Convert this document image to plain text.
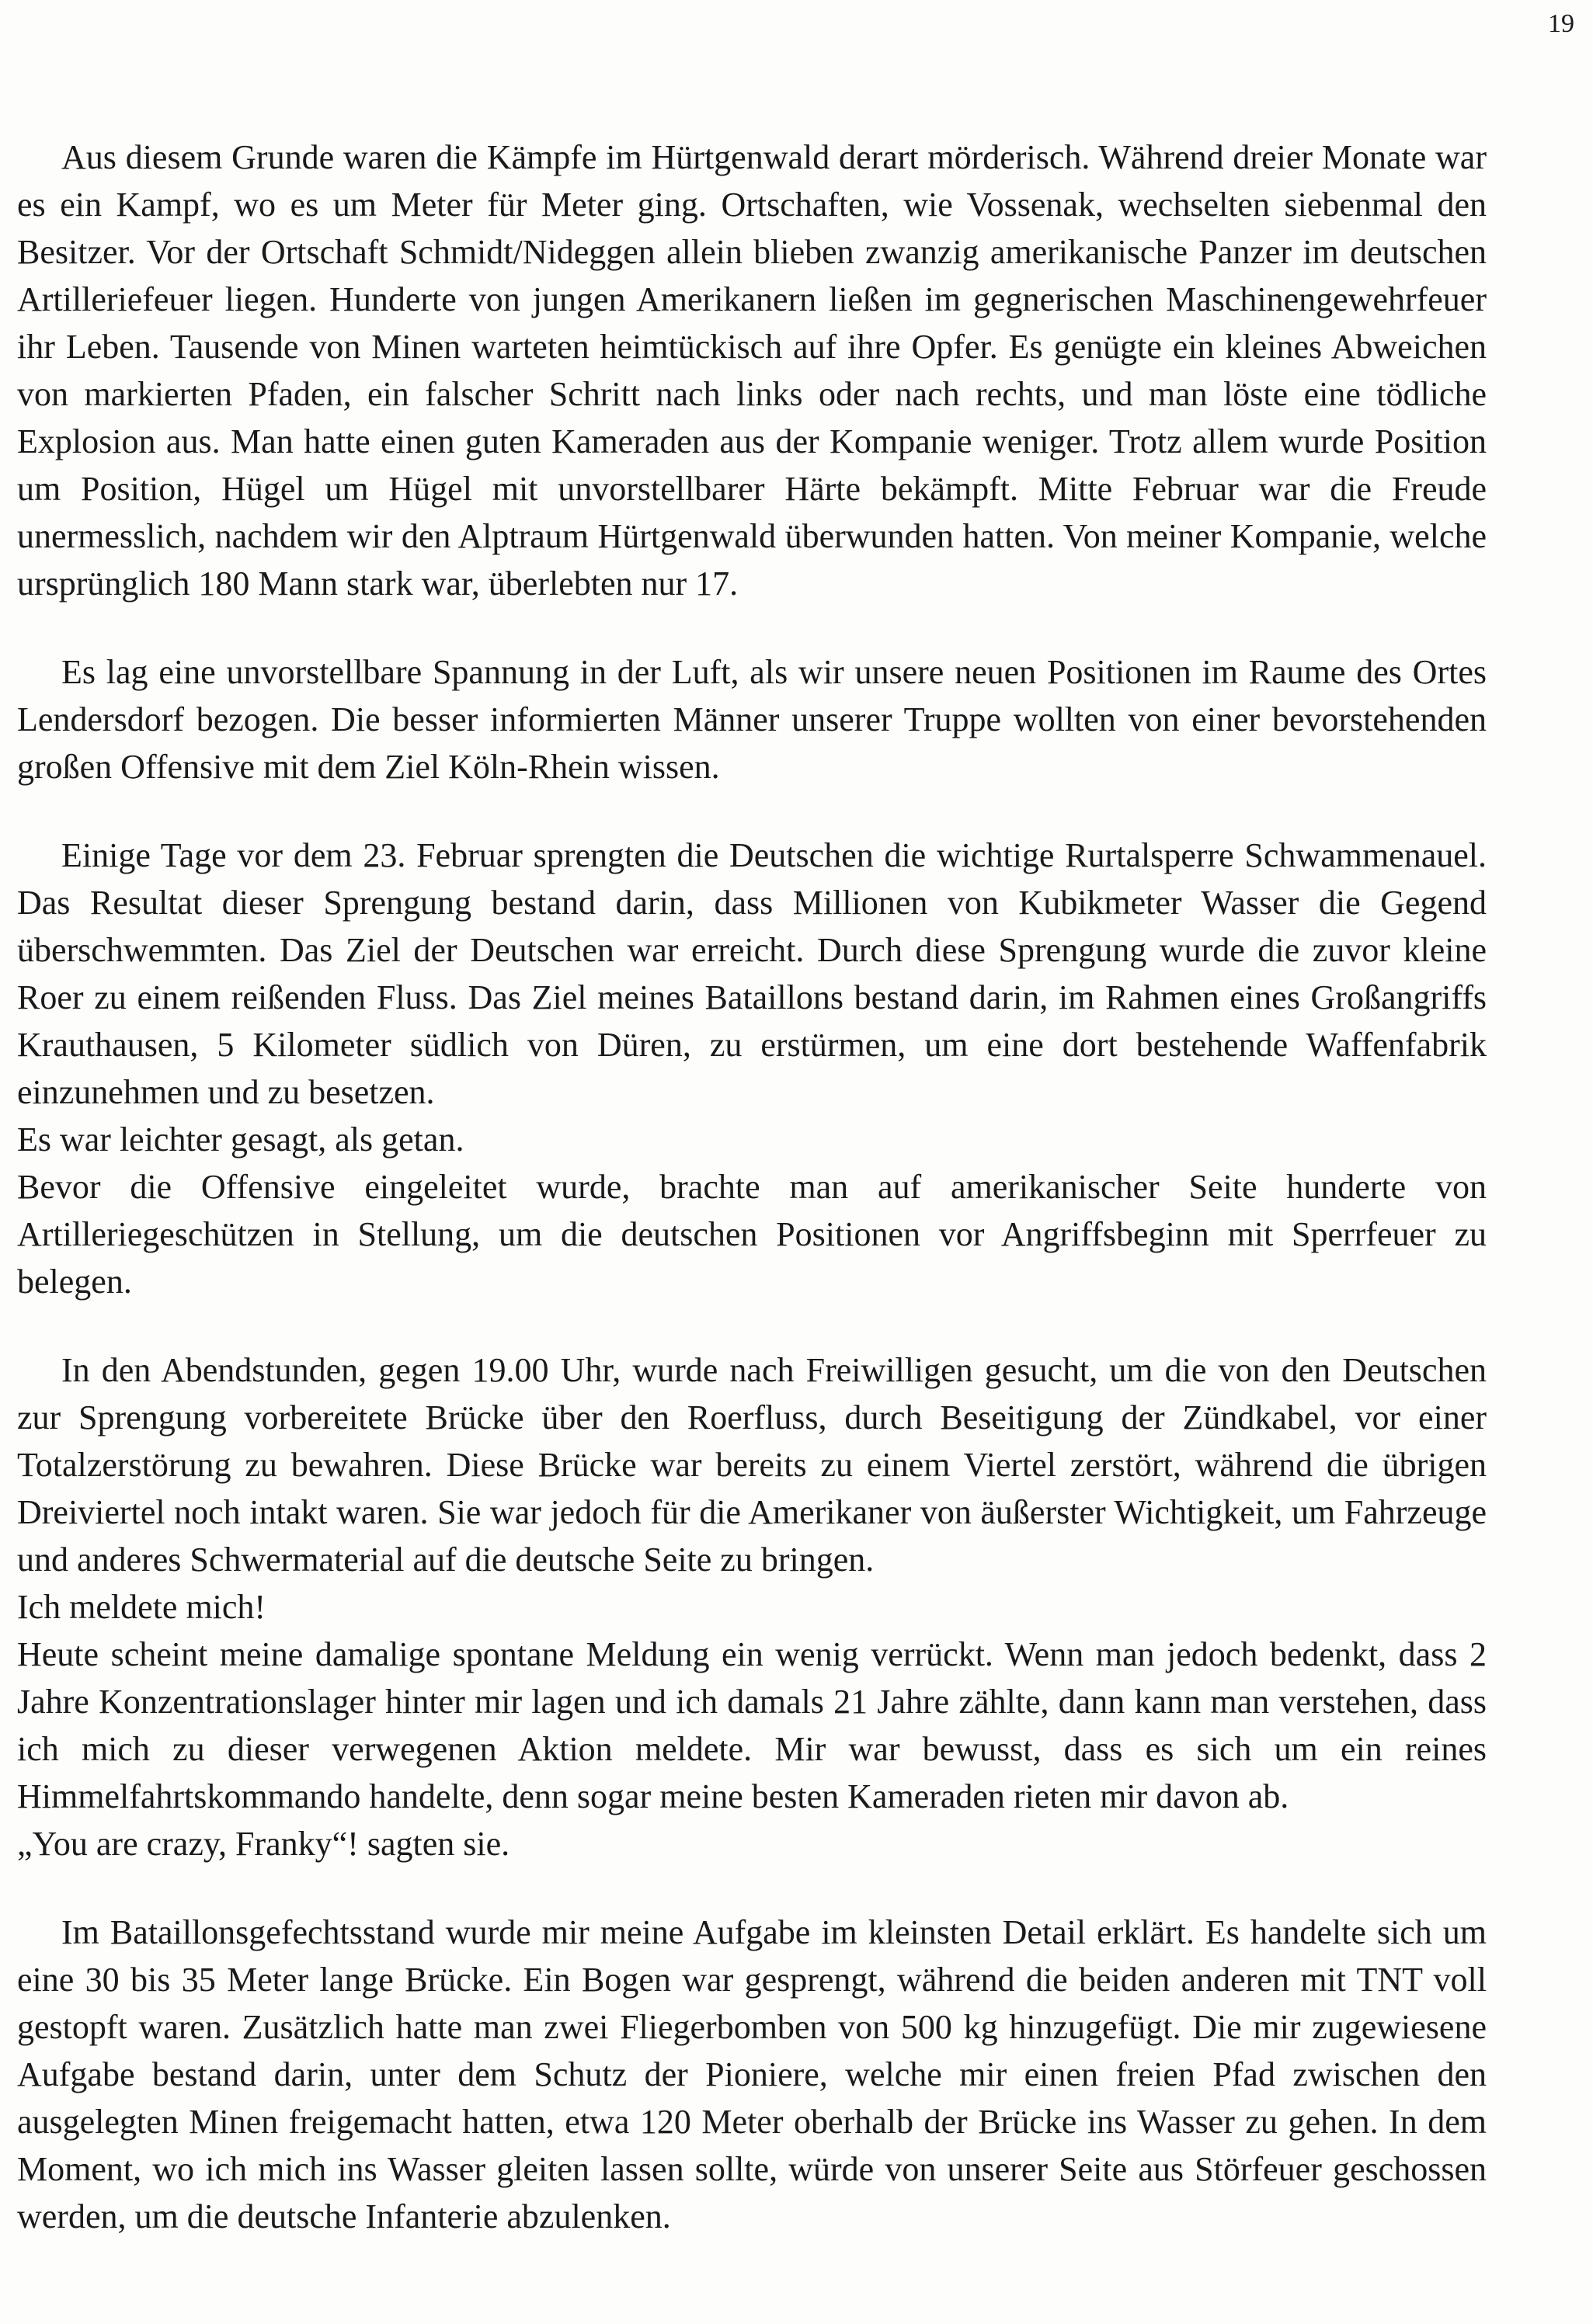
19

Aus diesem Grunde waren die Kämpfe im Hürtgenwald derart mörderisch. Während dreier Monate war es ein Kampf, wo es um Meter für Meter ging. Ortschaften, wie Vossenak, wechselten siebenmal den Besitzer. Vor der Ortschaft Schmidt/Nideggen allein blieben zwanzig amerikanische Panzer im deutschen Artilleriefeuer liegen. Hunderte von jungen Amerikanern ließen im gegnerischen Maschinengewehrfeuer ihr Leben. Tausende von Minen warteten heimtückisch auf ihre Opfer. Es genügte ein kleines Abweichen von markierten Pfaden, ein falscher Schritt nach links oder nach rechts, und man löste eine tödliche Explosion aus. Man hatte einen guten Kameraden aus der Kompanie weniger. Trotz allem wurde Position um Position, Hügel um Hügel mit unvorstellbarer Härte bekämpft. Mitte Februar war die Freude unermesslich, nachdem wir den Alptraum Hürtgenwald überwunden hatten. Von meiner Kompanie, welche ursprünglich 180 Mann stark war, überlebten nur 17.

Es lag eine unvorstellbare Spannung in der Luft, als wir unsere neuen Positionen im Raume des Ortes Lendersdorf bezogen. Die besser informierten Männer unserer Truppe wollten von einer bevorstehenden großen Offensive mit dem Ziel Köln-Rhein wissen.

Einige Tage vor dem 23. Februar sprengten die Deutschen die wichtige Rurtalsperre Schwammenauel. Das Resultat dieser Sprengung bestand darin, dass Millionen von Kubikmeter Wasser die Gegend überschwemmten. Das Ziel der Deutschen war erreicht. Durch diese Sprengung wurde die zuvor kleine Roer zu einem reißenden Fluss. Das Ziel meines Bataillons bestand darin, im Rahmen eines Großangriffs Krauthausen, 5 Kilometer südlich von Düren, zu erstürmen, um eine dort bestehende Waffenfabrik einzunehmen und zu besetzen.
Es war leichter gesagt, als getan.
Bevor die Offensive eingeleitet wurde, brachte man auf amerikanischer Seite hunderte von Artilleriegeschützen in Stellung, um die deutschen Positionen vor Angriffsbeginn mit Sperrfeuer zu belegen.

In den Abendstunden, gegen 19.00 Uhr, wurde nach Freiwilligen gesucht, um die von den Deutschen zur Sprengung vorbereitete Brücke über den Roerfluss, durch Beseitigung der Zündkabel, vor einer Totalzerstörung zu bewahren. Diese Brücke war bereits zu einem Viertel zerstört, während die übrigen Dreiviertel noch intakt waren. Sie war jedoch für die Amerikaner von äußerster Wichtigkeit, um Fahrzeuge und anderes Schwermaterial auf die deutsche Seite zu bringen.
Ich meldete mich!
Heute scheint meine damalige spontane Meldung ein wenig verrückt. Wenn man jedoch bedenkt, dass 2 Jahre Konzentrationslager hinter mir lagen und ich damals 21 Jahre zählte, dann kann man verstehen, dass ich mich zu dieser verwegenen Aktion meldete. Mir war bewusst, dass es sich um ein reines Himmelfahrtskommando handelte, denn sogar meine besten Kameraden rieten mir davon ab.
„You are crazy, Franky“! sagten sie.

Im Bataillonsgefechtsstand wurde mir meine Aufgabe im kleinsten Detail erklärt. Es handelte sich um eine 30 bis 35 Meter lange Brücke. Ein Bogen war gesprengt, während die beiden anderen mit TNT voll gestopft waren. Zusätzlich hatte man zwei Fliegerbomben von 500 kg hinzugefügt. Die mir zugewiesene Aufgabe bestand darin, unter dem Schutz der Pioniere, welche mir einen freien Pfad zwischen den ausgelegten Minen freigemacht hatten, etwa 120 Meter oberhalb der Brücke ins Wasser zu gehen. In dem Moment, wo ich mich ins Wasser gleiten lassen sollte, würde von unserer Seite aus Störfeuer geschossen werden, um die deutsche Infanterie abzulenken.
